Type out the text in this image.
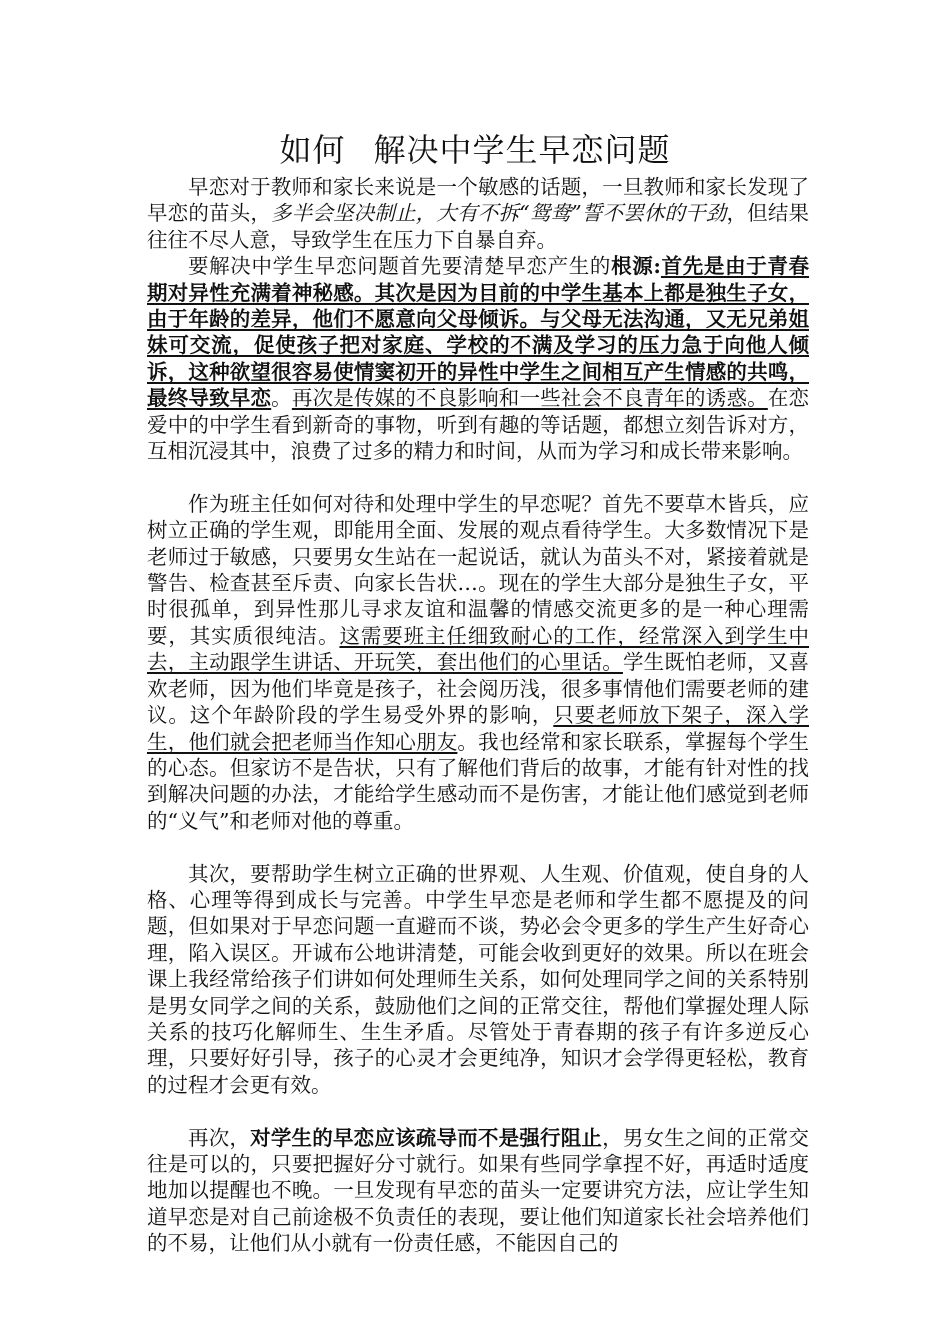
如何 解决中学生早恋问题

早恋对于教师和家长来说是一个敏感的话题，一旦教师和家长发现了早恋的苗头，多半会坚决制止，大有不拆“鸳鸯”誓不罢休的干劲，但结果往往不尽人意，导致学生在压力下自暴自弃。

要解决中学生早恋问题首先要清楚早恋产生的根源:首先是由于青春期对异性充满着神秘感。其次是因为目前的中学生基本上都是独生子女，由于年龄的差异，他们不愿意向父母倾诉。与父母无法沟通，又无兄弟姐妹可交流，促使孩子把对家庭、学校的不满及学习的压力急于向他人倾诉，这种欲望很容易使情窦初开的异性中学生之间相互产生情感的共鸣，最终导致早恋。再次是传媒的不良影响和一些社会不良青年的诱惑。在恋爱中的中学生看到新奇的事物，听到有趣的等话题，都想立刻告诉对方，互相沉浸其中，浪费了过多的精力和时间，从而为学习和成长带来影响。

作为班主任如何对待和处理中学生的早恋呢？首先不要草木皆兵，应树立正确的学生观，即能用全面、发展的观点看待学生。大多数情况下是老师过于敏感，只要男女生站在一起说话，就认为苗头不对，紧接着就是警告、检查甚至斥责、向家长告状…。现在的学生大部分是独生子女，平时很孤单，到异性那儿寻求友谊和温馨的情感交流更多的是一种心理需要，其实质很纯洁。这需要班主任细致耐心的工作，经常深入到学生中去，主动跟学生讲话、开玩笑，套出他们的心里话。学生既怕老师，又喜欢老师，因为他们毕竟是孩子，社会阅历浅，很多事情他们需要老师的建议。这个年龄阶段的学生易受外界的影响，只要老师放下架子，深入学生，他们就会把老师当作知心朋友。我也经常和家长联系，掌握每个学生的心态。但家访不是告状，只有了解他们背后的故事，才能有针对性的找到解决问题的办法，才能给学生感动而不是伤害，才能让他们感觉到老师的“义气”和老师对他的尊重。

其次，要帮助学生树立正确的世界观、人生观、价值观，使自身的人格、心理等得到成长与完善。中学生早恋是老师和学生都不愿提及的问题，但如果对于早恋问题一直避而不谈，势必会令更多的学生产生好奇心理，陷入误区。开诚布公地讲清楚，可能会收到更好的效果。所以在班会课上我经常给孩子们讲如何处理师生关系，如何处理同学之间的关系特别是男女同学之间的关系，鼓励他们之间的正常交往，帮他们掌握处理人际关系的技巧化解师生、生生矛盾。尽管处于青春期的孩子有许多逆反心理，只要好好引导，孩子的心灵才会更纯净，知识才会学得更轻松，教育的过程才会更有效。

再次，对学生的早恋应该疏导而不是强行阻止，男女生之间的正常交往是可以的，只要把握好分寸就行。如果有些同学拿捏不好，再适时适度地加以提醒也不晚。一旦发现有早恋的苗头一定要讲究方法，应让学生知道早恋是对自己前途极不负责任的表现，要让他们知道家长社会培养他们的不易，让他们从小就有一份责任感，不能因自己的
